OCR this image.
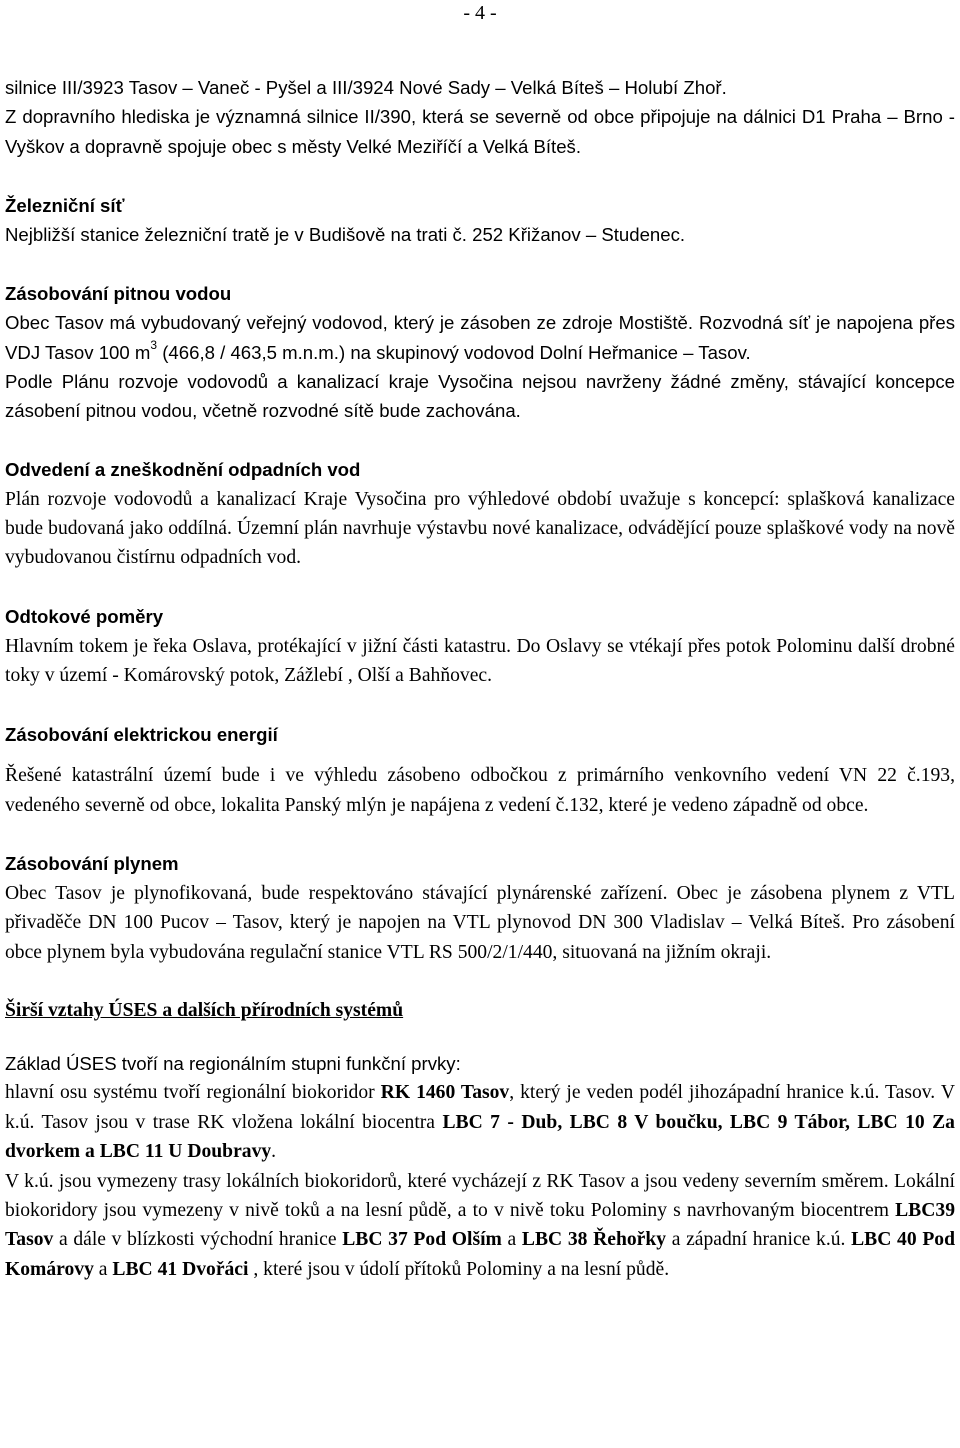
- 4 -

silnice III/3923 Tasov – Vaneč - Pyšel a III/3924 Nové Sady – Velká Bíteš – Holubí Zhoř.

Z dopravního hlediska je významná silnice II/390, která se severně od obce připojuje na dálnici D1 Praha – Brno - Vyškov a dopravně spojuje obec s městy Velké Meziříčí a Velká Bíteš.

Železniční síť

Nejbližší stanice železniční tratě je v Budišově na trati č. 252 Křižanov – Studenec.

Zásobování pitnou vodou

Obec Tasov má vybudovaný veřejný vodovod, který je zásoben ze zdroje Mostiště. Rozvodná síť je napojena přes VDJ Tasov 100 $m^3$ (466,8 / 463,5 m.n.m.) na skupinový vodovod Dolní Heřmanice – Tasov.

Podle Plánu rozvoje vodovodů a kanalizací kraje Vysočina nejsou navrženy žádné změny, stávající koncepce zásobení pitnou vodou, včetně rozvodné sítě bude zachována.

Odvedení a zneškodnění odpadních vod

Plán rozvoje vodovodů a kanalizací Kraje Vysočina pro výhledové období uvažuje s koncepcí: splašková kanalizace bude budovaná jako oddílná. Územní plán navrhuje výstavbu nové kanalizace, odvádějící pouze splaškové vody na nově vybudovanou čistírnu odpadních vod.

Odtokové poměry

Hlavním tokem je řeka Oslava, protékající v jižní části katastru. Do Oslavy se vtékají přes potok Polominu další drobné toky v území - Komárovský potok, Zážlebí , Olší a Bahňovec.

Zásobování elektrickou energií

Řešené katastrální území bude i ve výhledu zásobeno odbočkou z primárního venkovního vedení VN 22 č.193, vedeného severně od obce, lokalita Panský mlýn je napájena z vedení č.132, které je vedeno západně od obce.

Zásobování plynem

Obec Tasov je plynofikovaná, bude respektováno stávající plynárenské zařízení. Obec je zásobena plynem z VTL přivaděče DN 100 Pucov – Tasov, který je napojen na VTL plynovod DN 300 Vladislav – Velká Bíteš. Pro zásobení obce plynem byla vybudována regulační stanice VTL RS 500/2/1/440, situovaná na jižním okraji.

Širší vztahy ÚSES a dalších přírodních systémů

Základ ÚSES tvoří na regionálním stupni funkční prvky:

hlavní osu systému tvoří regionální biokoridor RK 1460 Tasov, který je veden podél jihozápadní hranice k.ú. Tasov. V k.ú. Tasov jsou v trase RK vložena lokální biocentra LBC 7 - Dub, LBC 8 V boučku, LBC 9 Tábor, LBC 10 Za dvorkem a LBC 11 U Doubravy.

V k.ú. jsou vymezeny trasy lokálních biokoridorů, které vycházejí z RK Tasov a jsou vedeny severním směrem. Lokální biokoridory jsou vymezeny v nivě toků a na lesní půdě, a to v nivě toku Polominy s navrhovaným biocentrem LBC39 Tasov a dále v blízkosti východní hranice LBC 37 Pod Olším a LBC 38 Řehořky a západní hranice k.ú. LBC 40 Pod Komárovy a LBC 41 Dvořáci , které jsou v údolí přítoků Polominy a na lesní půdě.
